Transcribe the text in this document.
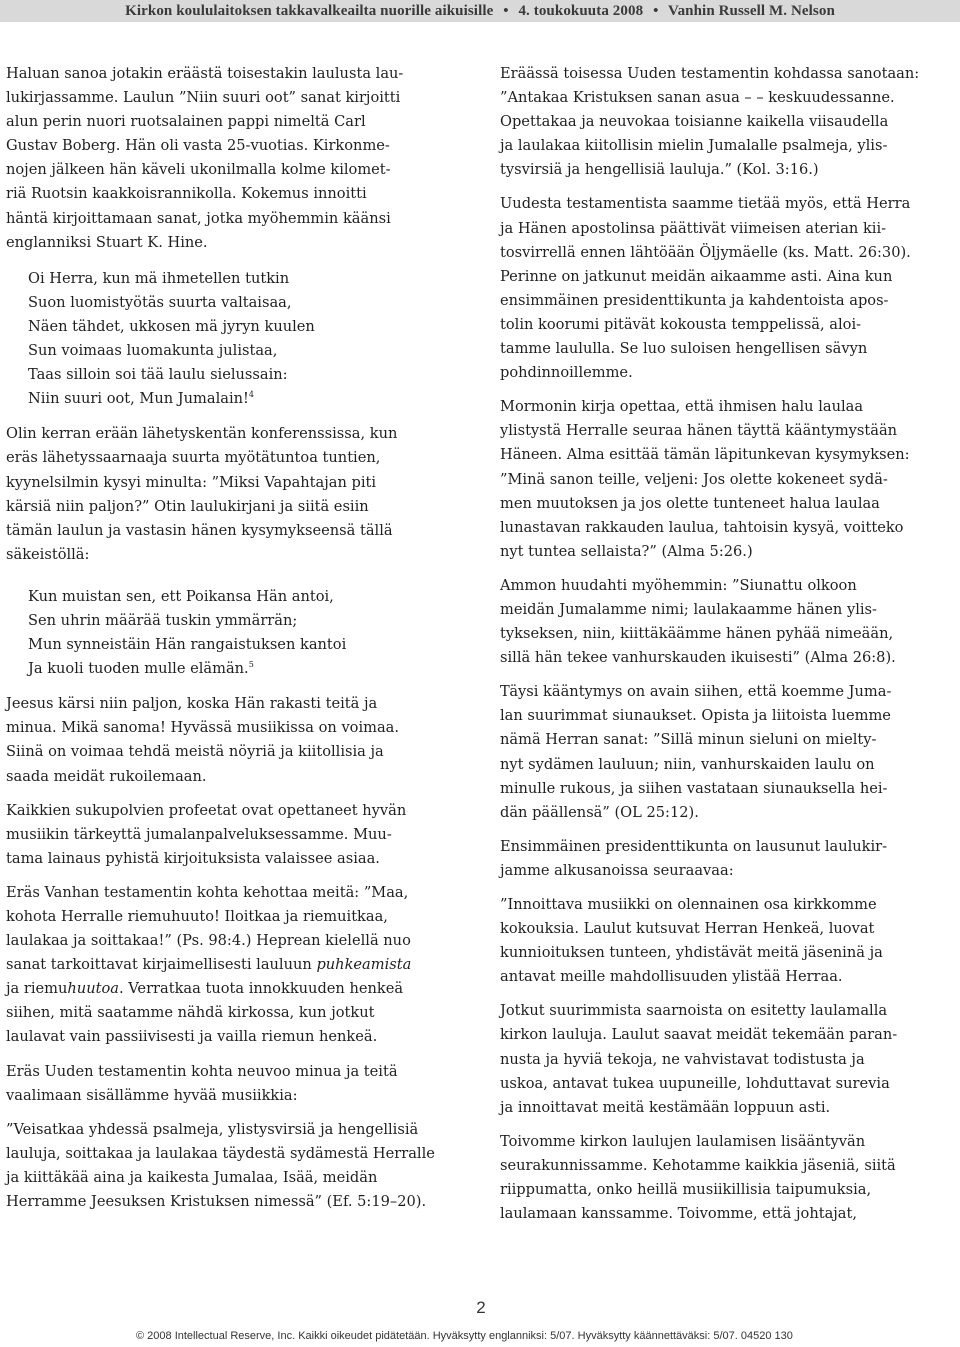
Kirkon koululaitoksen takkavalkeailta nuorille aikuisille • 4. toukokuuta 2008 • Vanhin Russell M. Nelson
Haluan sanoa jotakin eräästä toisestakin laulusta lau-
lukirjassamme. Laulun ”Niin suuri oot” sanat kirjoitti
alun perin nuori ruotsalainen pappi nimeltä Carl
Gustav Boberg. Hän oli vasta 25-vuotias. Kirkonme-
nojen jälkeen hän käveli ukonilmalla kolme kilomet-
riä Ruotsin kaakkoisrannikolla. Kokemus innoitti
häntä kirjoittamaan sanat, jotka myöhemmin käänsi
englanniksi Stuart K. Hine.
Oi Herra, kun mä ihmetellen tutkin
Suon luomistyötäs suurta valtaisaa,
Näen tähdet, ukkosen mä jyryn kuulen
Sun voimaas luomakunta julistaa,
Taas silloin soi tää laulu sielussain:
Niin suuri oot, Mun Jumalain!$^4$
Olin kerran erään lähetyskentän konferenssissa, kun
eräs lähetyssaarnaaja suurta myötätuntoa tuntien,
kyynelsilmin kysyi minulta: ”Miksi Vapahtajan piti
kärsiä niin paljon?” Otin laulukirjani ja siitä esiin
tämän laulun ja vastasin hänen kysymykseensä tällä
säkeistöllä:
Kun muistan sen, ett Poikansa Hän antoi,
Sen uhrin määrää tuskin ymmärrän;
Mun synneistäin Hän rangaistuksen kantoi
Ja kuoli tuoden mulle elämän.$^5$
Jeesus kärsi niin paljon, koska Hän rakasti teitä ja
minua. Mikä sanoma! Hyvässä musiikissa on voimaa.
Siinä on voimaa tehdä meistä nöyriä ja kiitollisia ja
saada meidät rukoilemaan.
Kaikkien sukupolvien profeetat ovat opettaneet hyvän
musiikin tärkeyttä jumalanpalveluksessamme. Muu-
tama lainaus pyhistä kirjoituksista valaissee asiaa.
Eräs Vanhan testamentin kohta kehottaa meitä: ”Maa,
kohota Herralle riemuhuuto! Iloitkaa ja riemuitkaa,
laulakaa ja soittakaa!” (Ps. 98:4.) Heprean kielellä nuo
sanat tarkoittavat kirjaimellisesti lauluun puhkeamista
ja riemuhuutoa. Verratkaa tuota innokkuuden henkeä
siihen, mitä saatamme nähdä kirkossa, kun jotkut
laulavat vain passiivisesti ja vailla riemun henkeä.
Eräs Uuden testamentin kohta neuvoo minua ja teitä
vaalimaan sisällämme hyvää musiikkia:
”Veisatkaa yhdessä psalmeja, ylistysvirsiä ja hengellisiä
lauluja, soittakaa ja laulakaa täydestä sydämestä Herralle
ja kiittäkää aina ja kaikesta Jumalaa, Isää, meidän
Herramme Jeesuksen Kristuksen nimessä” (Ef. 5:19–20).
Eräässä toisessa Uuden testamentin kohdassa sanotaan:
”Antakaa Kristuksen sanan asua – – keskuudessanne.
Opettakaa ja neuvokaa toisianne kaikella viisaudella
ja laulakaa kiitollisin mielin Jumalalle psalmeja, ylis-
tysvirsiä ja hengellisiä lauluja.” (Kol. 3:16.)
Uudesta testamentista saamme tietää myös, että Herra
ja Hänen apostolinsa päättivät viimeisen aterian kii-
tosvirrellä ennen lähtöään Öljymäelle (ks. Matt. 26:30).
Perinne on jatkunut meidän aikaamme asti. Aina kun
ensimmäinen presidenttikunta ja kahdentoista apos-
tolin koorumi pitävät kokousta temppelissä, aloi-
tamme laululla. Se luo suloisen hengellisen sävyn
pohdinnoillemme.
Mormonin kirja opettaa, että ihmisen halu laulaa
ylistystä Herralle seuraa hänen täyttä kääntymystään
Häneen. Alma esittää tämän läpitunkevan kysymyksen:
”Minä sanon teille, veljeni: Jos olette kokeneet sydä-
men muutoksen ja jos olette tunteneet halua laulaa
lunastavan rakkauden laulua, tahtoisin kysyä, voitteko
nyt tuntea sellaista?” (Alma 5:26.)
Ammon huudahti myöhemmin: ”Siunattu olkoon
meidän Jumalamme nimi; laulakaamme hänen ylis-
tykseksen, niin, kiittäkäämme hänen pyhää nimeään,
sillä hän tekee vanhurskauden ikuisesti” (Alma 26:8).
Täysi kääntymys on avain siihen, että koemme Juma-
lan suurimmat siunaukset. Opista ja liitoista luemme
nämä Herran sanat: ”Sillä minun sieluni on mielty-
nyt sydämen lauluun; niin, vanhurskaiden laulu on
minulle rukous, ja siihen vastataan siunauksella hei-
dän päällensä” (OL 25:12).
Ensimmäinen presidenttikunta on lausunut laulukir-
jamme alkusanoissa seuraavaa:
”Innoittava musiikki on olennainen osa kirkkomme
kokouksia. Laulut kutsuvat Herran Henkeä, luovat
kunnioituksen tunteen, yhdistävät meitä jäseninä ja
antavat meille mahdollisuuden ylistää Herraa.
Jotkut suurimmista saarnoista on esitetty laulamalla
kirkon lauluja. Laulut saavat meidät tekemään paran-
nusta ja hyviä tekoja, ne vahvistavat todistusta ja
uskoa, antavat tukea uupuneille, lohduttavat surevia
ja innoittavat meitä kestämään loppuun asti.
Toivomme kirkon laulujen laulamisen lisääntyvän
seurakunnissamme. Kehotamme kaikkia jäseniä, siitä
riippumatta, onko heillä musiikillisia taipumuksia,
laulamaan kanssamme. Toivomme, että johtajat,
2
© 2008 Intellectual Reserve, Inc. Kaikki oikeudet pidätetään. Hyväksytty englanniksi: 5/07. Hyväksytty käännettäväksi: 5/07. 04520 130
